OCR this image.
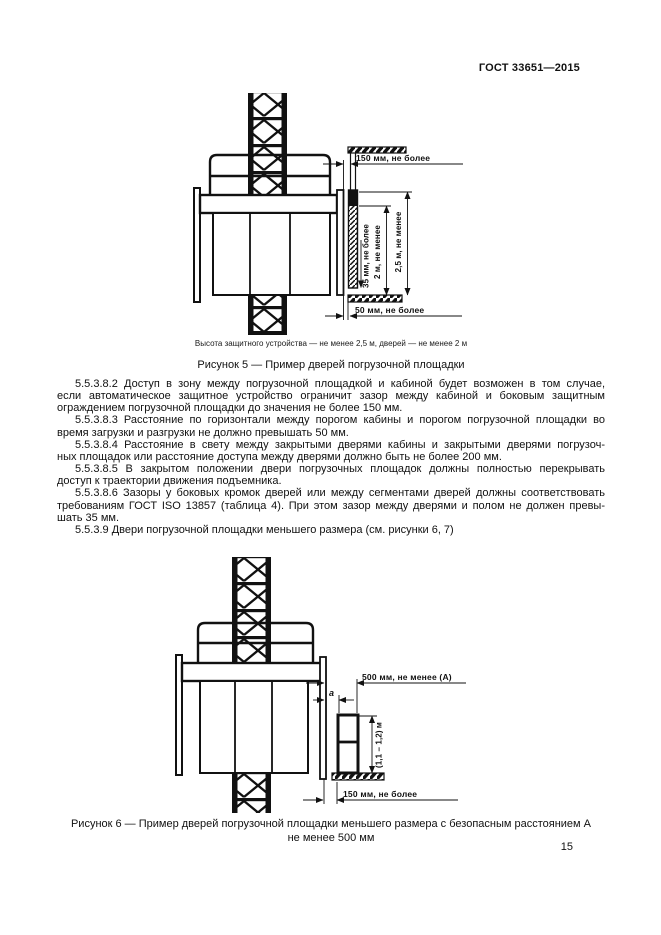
ГОСТ 33651—2015
150 мм, не более
35 мм, не более 2 м, не менее 2,5 м, не менее
50 мм, не более
Высота защитного устройства — не менее 2,5 м, дверей — не менее 2 м
Рисунок 5 — Пример дверей погрузочной площадки
5.5.3.8.2 Доступ в зону между погрузочной площадкой и кабиной будет возможен в том случае,
если автоматическое защитное устройство ограничит зазор между кабиной и боковым защитным
ограждением погрузочной площадки до значения не более 150 мм.
5.5.3.8.3 Расстояние по горизонтали между порогом кабины и порогом погрузочной площадки во
время загрузки и разгрузки не должно превышать 50 мм.
5.5.3.8.4 Расстояние в свету между закрытыми дверями кабины и закрытыми дверями погрузоч-
ных площадок или расстояние доступа между дверями должно быть не более 200 мм.
5.5.3.8.5 В закрытом положении двери погрузочных площадок должны полностью перекрывать
доступ к траектории движения подъемника.
5.5.3.8.6 Зазоры у боковых кромок дверей или между сегментами дверей должны соответствовать
требованиям ГОСТ ISO 13857 (таблица 4). При этом зазор между дверями и полом не должен превы-
шать 35 мм.
5.5.3.9 Двери погрузочной площадки меньшего размера (см. рисунки 6, 7)
500 мм, не менее (А)
а
(1,1 – 1,2) м
150 мм, не более
Рисунок 6 — Пример дверей погрузочной площадки меньшего размера с безопасным расстоянием А
не менее 500 мм
15
